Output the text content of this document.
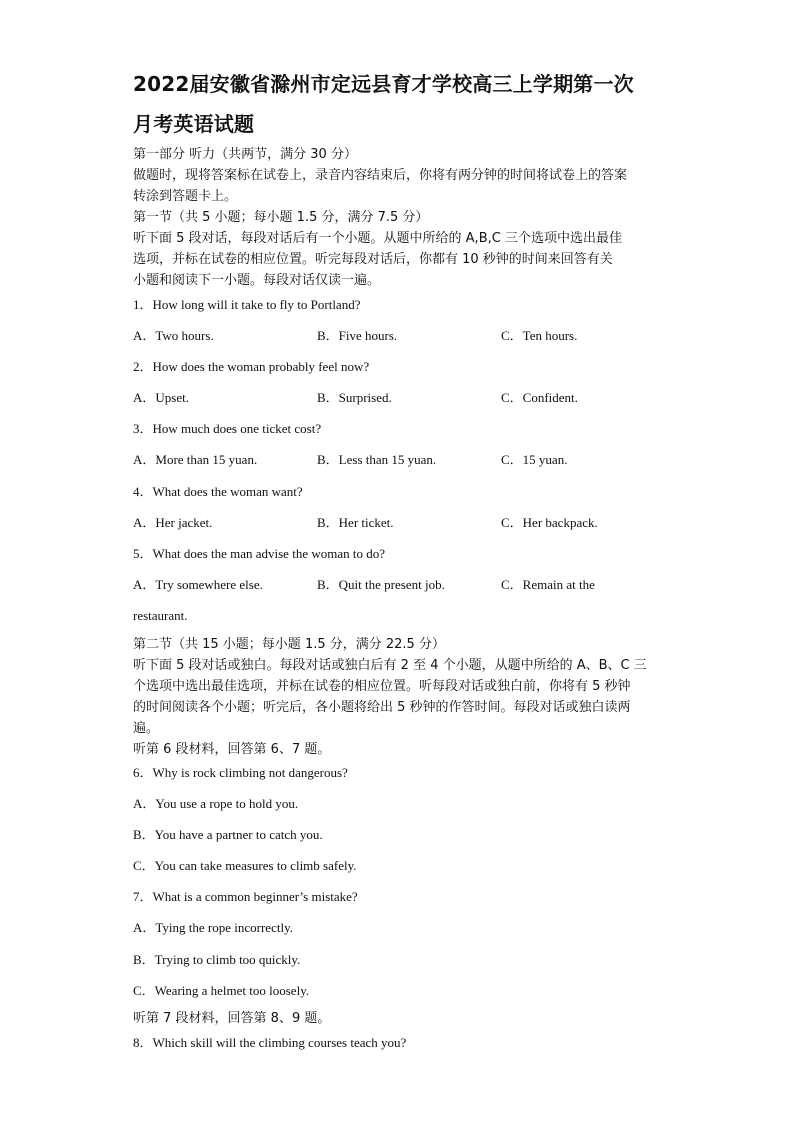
2022届安徽省滁州市定远县育才学校高三上学期第一次
月考英语试题
第一部分 听力（共两节，满分 30 分）
做题时，现将答案标在试卷上，录音内容结束后，你将有两分钟的时间将试卷上的答案
转涂到答题卡上。
第一节（共 5 小题；每小题 1.5 分，满分 7.5 分）
听下面 5 段对话，每段对话后有一个小题。从题中所给的 A,B,C 三个选项中选出最佳
选项，并标在试卷的相应位置。听完每段对话后，你都有 10 秒钟的时间来回答有关
小题和阅读下一小题。每段对话仅读一遍。
1．How long will it take to fly to Portland?
A．Two hours.	B．Five hours.	C．Ten hours.
2．How does the woman probably feel now?
A．Upset.	B．Surprised.	C．Confident.
3．How much does one ticket cost?
A．More than 15 yuan.	B．Less than 15 yuan.	C．15 yuan.
4．What does the woman want?
A．Her jacket.	B．Her ticket.	C．Her backpack.
5．What does the man advise the woman to do?
A．Try somewhere else.	B．Quit the present job.	C．Remain at the
restaurant.
第二节（共 15 小题；每小题 1.5 分，满分 22.5 分）
听下面 5 段对话或独白。每段对话或独白后有 2 至 4 个小题，从题中所给的 A、B、C 三
个选项中选出最佳选项，并标在试卷的相应位置。听每段对话或独白前，你将有 5 秒钟
的时间阅读各个小题；听完后，各小题将给出 5 秒钟的作答时间。每段对话或独白读两
遍。
听第 6 段材料，回答第 6、7 题。
6．Why is rock climbing not dangerous?
A．You use a rope to hold you.
B．You have a partner to catch you.
C．You can take measures to climb safely.
7．What is a common beginner’s mistake?
A．Tying the rope incorrectly.
B．Trying to climb too quickly.
C．Wearing a helmet too loosely.
听第 7 段材料，回答第 8、9 题。
8．Which skill will the climbing courses teach you?
